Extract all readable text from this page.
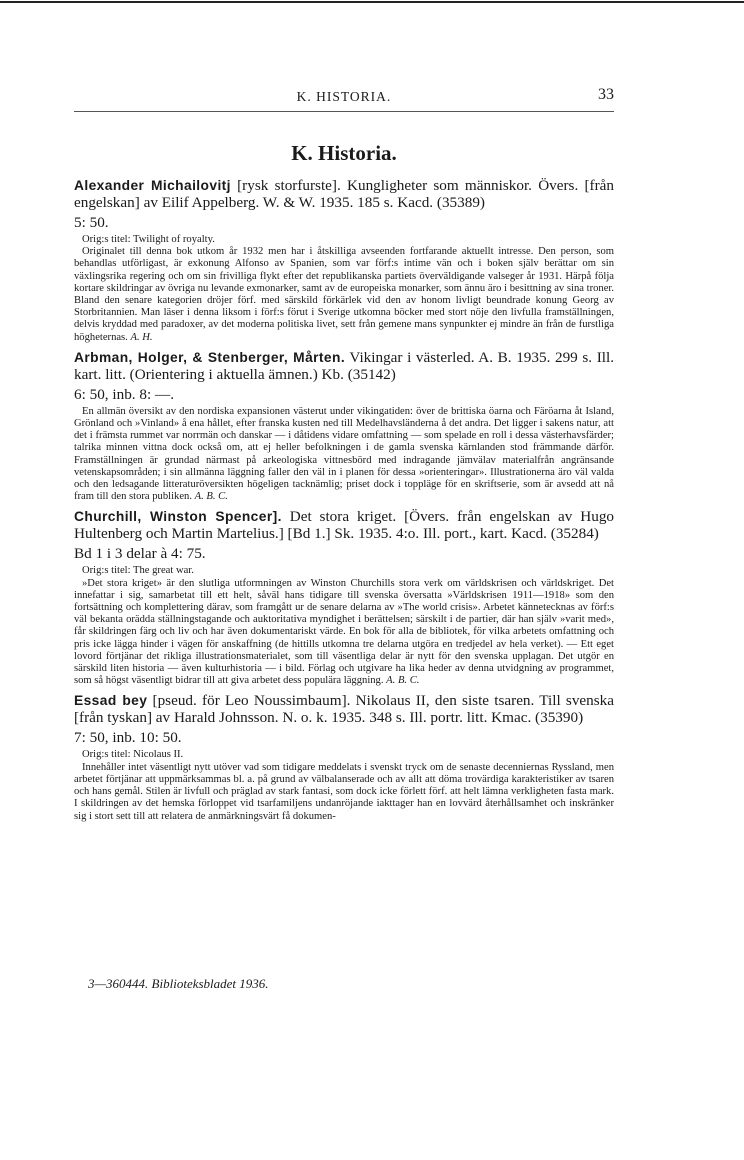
K. HISTORIA.	33
K. Historia.

Alexander Michailovitj [rysk storfurste]. Kungligheter som människor. Övers. [från engelskan] av Eilif Appelberg. W. & W. 1935. 185 s. Kacd. (35389)

5: 50.

Orig:s titel: Twilight of royalty.

Originalet till denna bok utkom år 1932 men har i åtskilliga avseenden fortfarande aktuellt intresse. Den person, som behandlas utförligast, är exkonung Alfonso av Spanien, som var förf:s intime vän och i boken själv berättar om sin växlingsrika regering och om sin frivilliga flykt efter det republikanska partiets överväldigande valseger år 1931. Härpå följa kortare skildringar av övriga nu levande exmonarker, samt av de europeiska monarker, som ännu äro i besittning av sina troner. Bland den senare kategorien dröjer förf. med särskild förkärlek vid den av honom livligt beundrade konung Georg av Storbritannien. Man läser i denna liksom i förf:s förut i Sverige utkomna böcker med stort nöje den livfulla framställningen, delvis kryddad med paradoxer, av det moderna politiska livet, sett från gemene mans synpunkter ej mindre än från de furstliga högheternas. A. H.

Arbman, Holger, & Stenberger, Mårten. Vikingar i västerled. A. B. 1935. 299 s. Ill. kart. litt. (Orientering i aktuella ämnen.) Kb. (35142)

6: 50, inb. 8: —.

En allmän översikt av den nordiska expansionen västerut under vikingatiden: över de brittiska öarna och Färöarna åt Island, Grönland och »Vinland» å ena hållet, efter franska kusten ned till Medelhavsländerna å det andra. Det ligger i sakens natur, att det i främsta rummet var norrmän och danskar — i dåtidens vidare omfattning — som spelade en roll i dessa västerhavsfärder; talrika minnen vittna dock också om, att ej heller befolkningen i de gamla svenska kärnlanden stod främmande därför. Framställningen är grundad närmast på arkeologiska vittnesbörd med indragande jämvälav materialfrån angränsande vetenskapsområden; i sin allmänna läggning faller den väl in i planen för dessa »orienteringar». Illustrationerna äro väl valda och den ledsagande litteraturöversikten högeligen tacknämlig; priset dock i toppläge för en skriftserie, som är avsedd att nå fram till den stora publiken. A. B. C.

Churchill, Winston Spencer]. Det stora kriget. [Övers. från engelskan av Hugo Hultenberg och Martin Martelius.] [Bd 1.] Sk. 1935. 4:o. Ill. port., kart. Kacd. (35284)

Bd 1 i 3 delar à 4: 75.

Orig:s titel: The great war.

»Det stora kriget» är den slutliga utformningen av Winston Churchills stora verk om världskrisen och världskriget. Det innefattar i sig, samarbetat till ett helt, såväl hans tidigare till svenska översatta »Världskrisen 1911—1918» som den fortsättning och komplettering därav, som framgått ur de senare delarna av »The world crisis». Arbetet kännetecknas av förf:s väl bekanta orädda ställningstagande och auktoritativa myndighet i berättelsen; särskilt i de partier, där han själv »varit med», får skildringen färg och liv och har även dokumentariskt värde. En bok för alla de bibliotek, för vilka arbetets omfattning och pris icke lägga hinder i vägen för anskaffning (de hittills utkomna tre delarna utgöra en tredjedel av hela verket). — Ett eget lovord förtjänar det rikliga illustrationsmaterialet, som till väsentliga delar är nytt för den svenska upplagan. Det utgör en särskild liten historia — även kulturhistoria — i bild. Förlag och utgivare ha lika heder av denna utvidgning av programmet, som så högst väsentligt bidrar till att giva arbetet dess populära läggning. A. B. C.

Essad bey [pseud. för Leo Noussimbaum]. Nikolaus II, den siste tsaren. Till svenska [från tyskan] av Harald Johnsson. N. o. k. 1935. 348 s. Ill. portr. litt. Kmac. (35390)

7: 50, inb. 10: 50.

Orig:s titel: Nicolaus II.

Innehåller intet väsentligt nytt utöver vad som tidigare meddelats i svenskt tryck om de senaste decenniernas Ryssland, men arbetet förtjänar att uppmärksammas bl. a. på grund av välbalanserade och av allt att döma trovärdiga karakteristiker av tsaren och hans gemål. Stilen är livfull och präglad av stark fantasi, som dock icke förlett förf. att helt lämna verkligheten fasta mark. I skildringen av det hemska förloppet vid tsarfamiljens undanröjande iakttager han en lovvärd återhållsamhet och inskränker sig i stort sett till att relatera de anmärkningsvärt få dokumen-

3—360444. Biblioteksbladet 1936.
